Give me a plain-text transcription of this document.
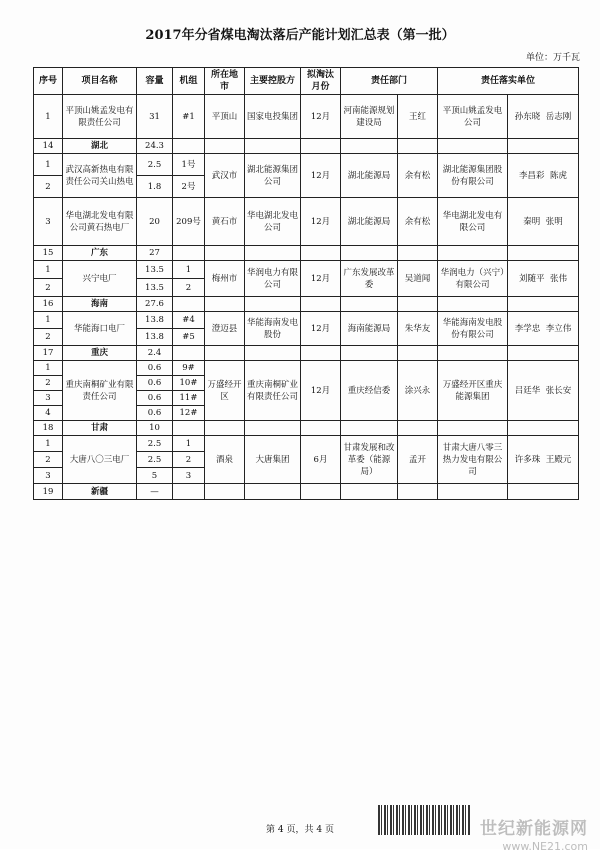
2017年分省煤电淘汰落后产能计划汇总表（第一批）
单位：万千瓦
序号	项目名称	容量	机组	所在地市	主要控股方	拟淘汰月份	责任部门		责任落实单位	
1	平顶山姚孟发电有限责任公司	31	#1	平顶山	国家电投集团	12月	河南能源规划建设局	王红	平顶山姚孟发电公司	孙东晓 岳志刚
14	湖北	24.3								
1	武汉高新热电有限责任公司关山热电	2.5	1号	武汉市	湖北能源集团公司	12月	湖北能源局	余有松	湖北能源集团股份有限公司	李昌彩 陈虎
2		1.8	2号							
3	华电湖北发电有限公司黄石热电厂	20	209号	黄石市	华电湖北发电公司	12月	湖北能源局	余有松	华电湖北发电有限公司	秦明 张明
15	广东	27								
1	兴宁电厂	13.5	1	梅州市	华润电力有限公司	12月	广东发展改革委	吴道闻	华润电力（兴宁）有限公司	刘随平 张伟
2		13.5	2							
16	海南	27.6								
1	华能海口电厂	13.8	#4	澄迈县	华能海南发电股份	12月	海南能源局	朱华友	华能海南发电股份有限公司	李学忠 李立伟
2		13.8	#5							
17	重庆	2.4								
1	重庆南桐矿业有限责任公司	0.6	9#	万盛经开区	重庆南桐矿业有限责任公司	12月	重庆经信委	涂兴永	万盛经开区重庆能源集团	吕廷华 张长安
2		0.6	10#							
3		0.6	11#							
4		0.6	12#							
18	甘肃	10								
1	大唐八〇三电厂	2.5	1	酒泉	大唐集团	6月	甘肃发展和改革委（能源局）	孟开	甘肃大唐八零三热力发电有限公司	许多珠 王殿元
2		2.5	2							
3		5	3							
19	新疆	—								
第 4 页，共 4 页	世纪新能源网
www.NE21.com
